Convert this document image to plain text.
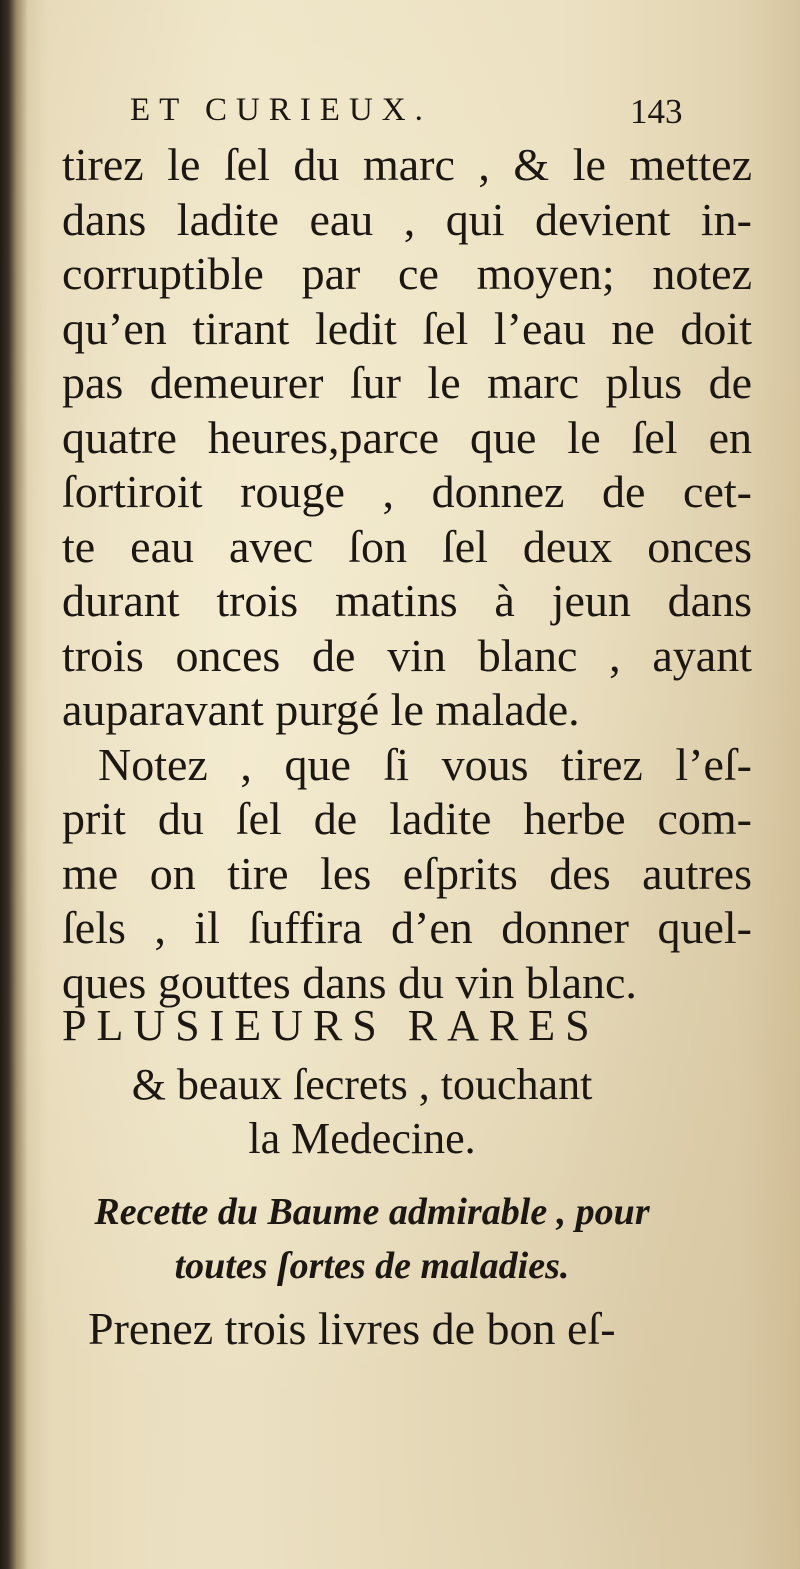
ET CURIEUX.	143
tirez le ſel du marc , & le mettez
dans ladite eau , qui devient in-
corruptible par ce moyen; notez
qu’en tirant ledit ſel l’eau ne doit
pas demeurer ſur le marc plus de
quatre heures,parce que le ſel en
ſortiroit rouge , donnez de cet-
te eau avec ſon ſel deux onces
durant trois matins à jeun dans
trois onces de vin blanc , ayant
auparavant purgé le malade.
Notez , que ſi vous tirez l’eſ-
prit du ſel de ladite herbe com-
me on tire les eſprits des autres
ſels , il ſuffira d’en donner quel-
ques gouttes dans du vin blanc.
PLUSIEURS RARES
& beaux ſecrets , touchant
la Medecine.
Recette du Baume admirable , pour
toutes ſortes de maladies.
Prenez trois livres de bon eſ-
